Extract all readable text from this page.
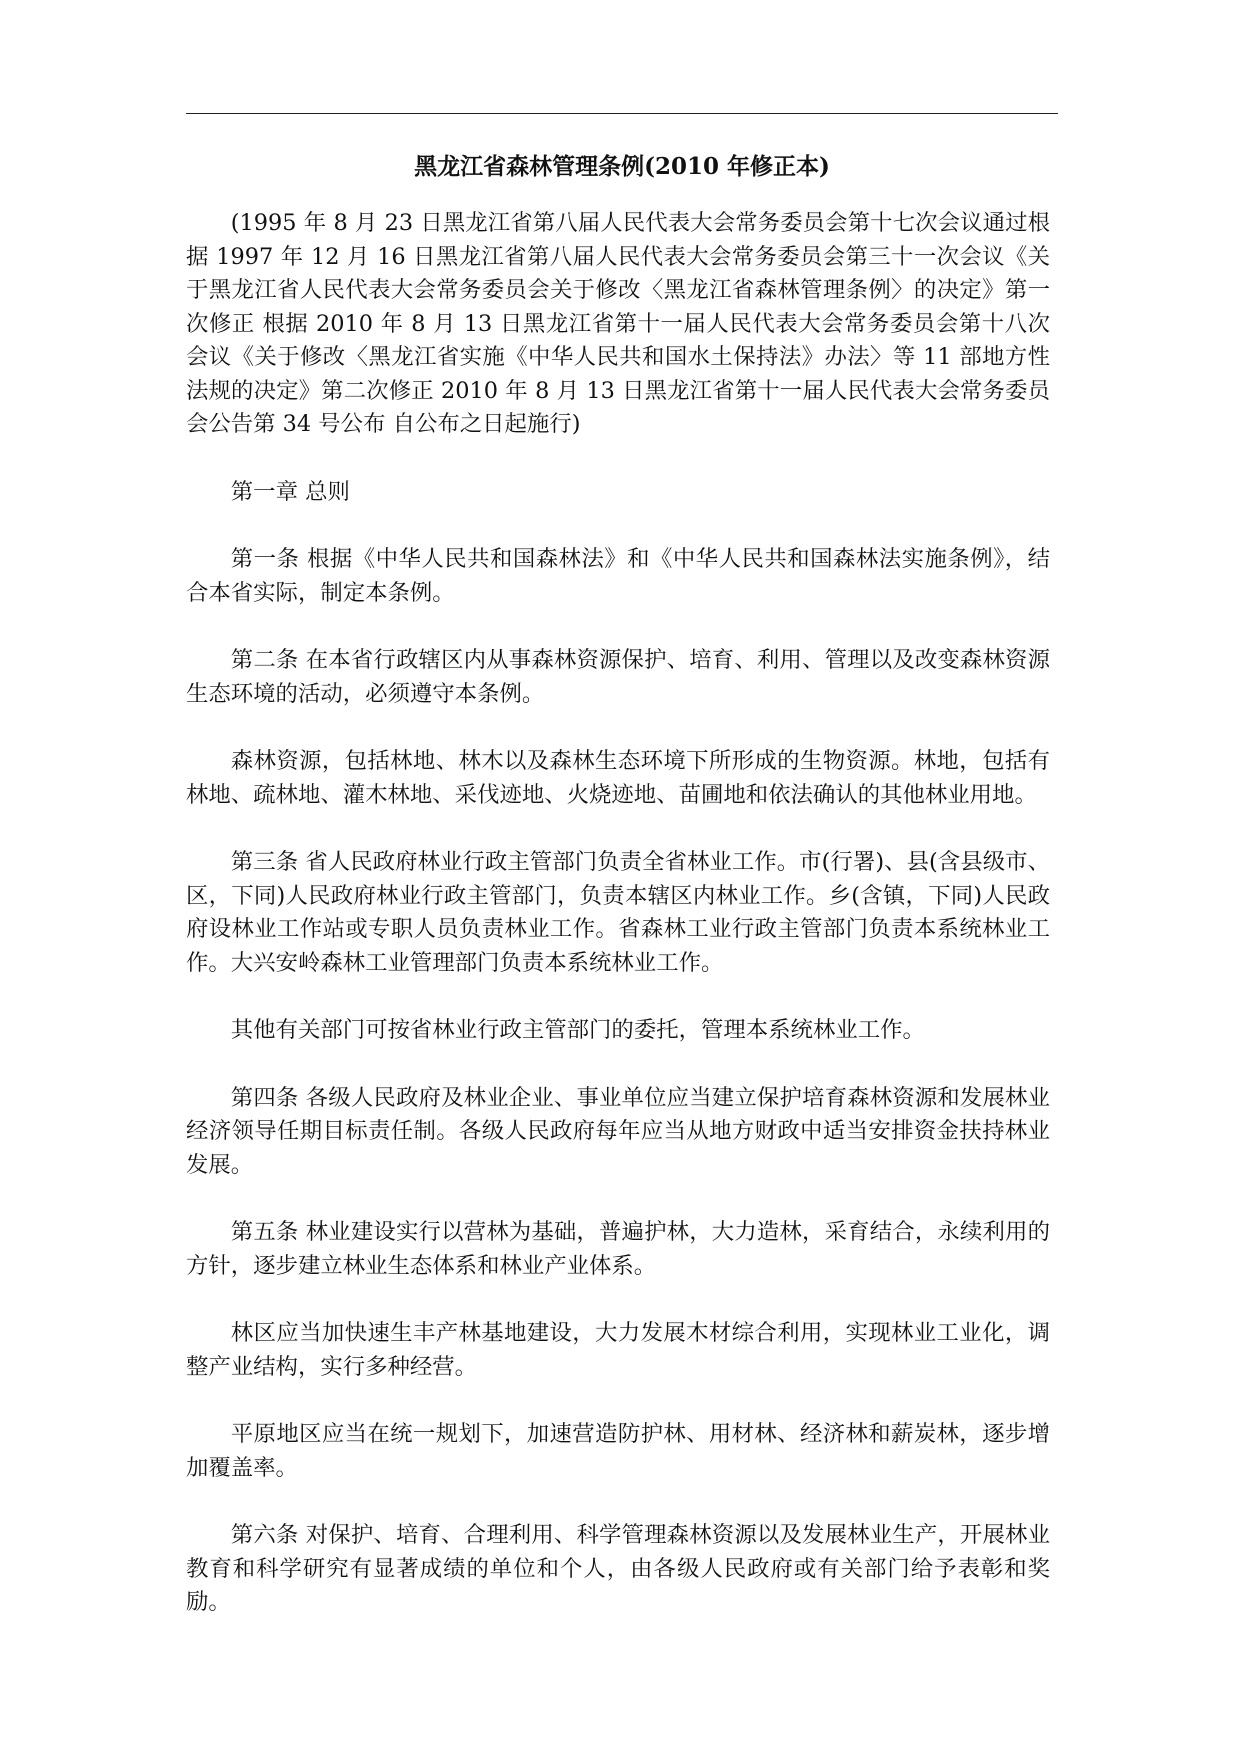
黑龙江省森林管理条例(2010 年修正本)

(1995 年 8 月 23 日黑龙江省第八届人民代表大会常务委员会第十七次会议通过根据 1997 年 12 月 16 日黑龙江省第八届人民代表大会常务委员会第三十一次会议《关于黑龙江省人民代表大会常务委员会关于修改〈黑龙江省森林管理条例〉的决定》第一次修正 根据 2010 年 8 月 13 日黑龙江省第十一届人民代表大会常务委员会第十八次会议《关于修改〈黑龙江省实施《中华人民共和国水土保持法》办法〉等 11 部地方性法规的决定》第二次修正 2010 年 8 月 13 日黑龙江省第十一届人民代表大会常务委员会公告第 34 号公布 自公布之日起施行)

第一章 总则

第一条 根据《中华人民共和国森林法》和《中华人民共和国森林法实施条例》，结合本省实际，制定本条例。

第二条 在本省行政辖区内从事森林资源保护、培育、利用、管理以及改变森林资源生态环境的活动，必须遵守本条例。

森林资源，包括林地、林木以及森林生态环境下所形成的生物资源。林地，包括有林地、疏林地、灌木林地、采伐迹地、火烧迹地、苗圃地和依法确认的其他林业用地。

第三条 省人民政府林业行政主管部门负责全省林业工作。市(行署)、县(含县级市、区，下同)人民政府林业行政主管部门，负责本辖区内林业工作。乡(含镇，下同)人民政府设林业工作站或专职人员负责林业工作。省森林工业行政主管部门负责本系统林业工作。大兴安岭森林工业管理部门负责本系统林业工作。

其他有关部门可按省林业行政主管部门的委托，管理本系统林业工作。

第四条 各级人民政府及林业企业、事业单位应当建立保护培育森林资源和发展林业经济领导任期目标责任制。各级人民政府每年应当从地方财政中适当安排资金扶持林业发展。

第五条 林业建设实行以营林为基础，普遍护林，大力造林，采育结合，永续利用的方针，逐步建立林业生态体系和林业产业体系。

林区应当加快速生丰产林基地建设，大力发展木材综合利用，实现林业工业化，调整产业结构，实行多种经营。

平原地区应当在统一规划下，加速营造防护林、用材林、经济林和薪炭林，逐步增加覆盖率。

第六条 对保护、培育、合理利用、科学管理森林资源以及发展林业生产，开展林业教育和科学研究有显著成绩的单位和个人，由各级人民政府或有关部门给予表彰和奖励。
